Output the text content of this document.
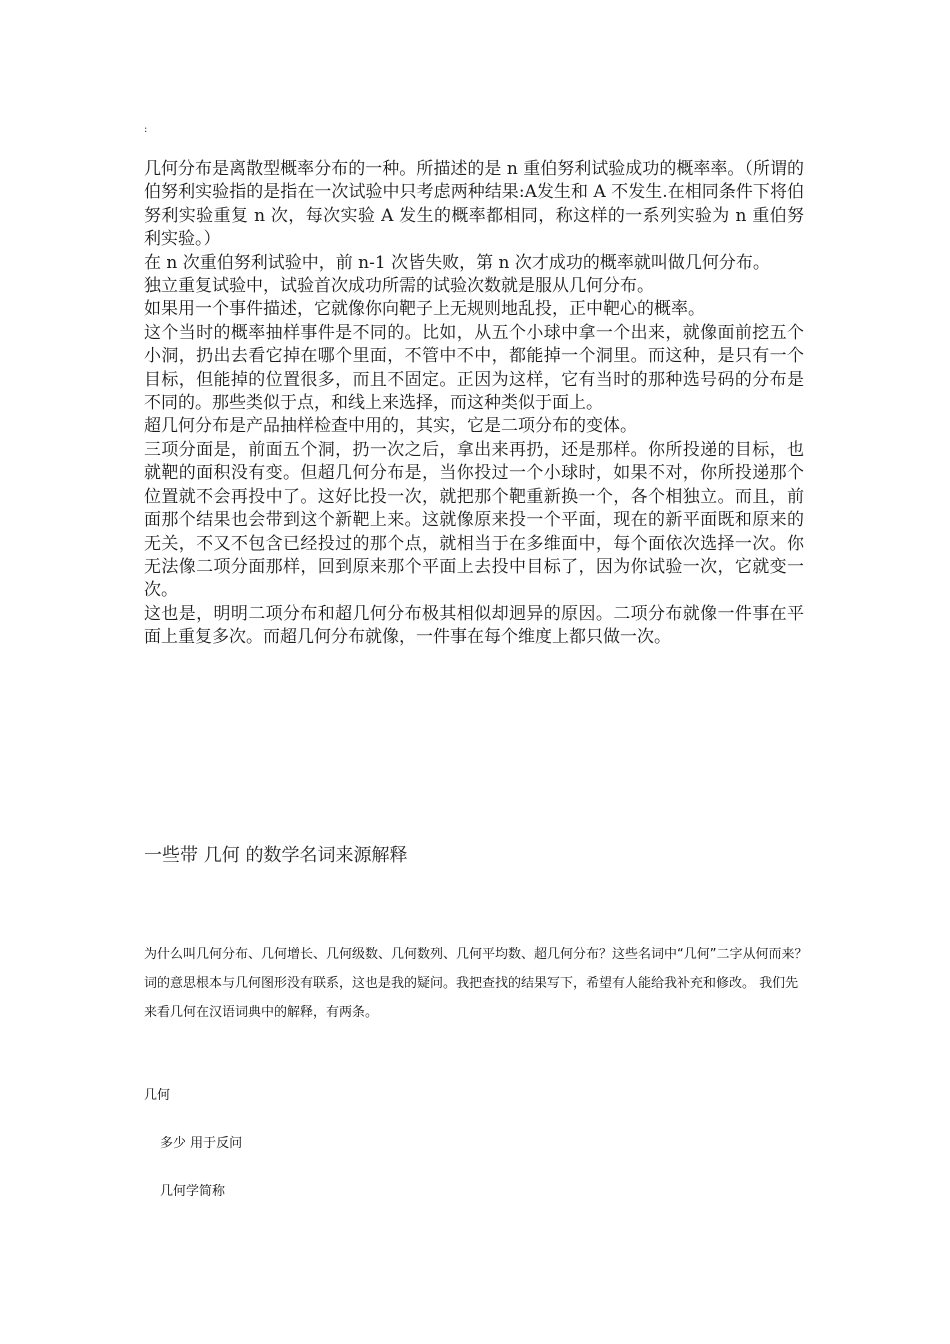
:

几何分布是离散型概率分布的一种。所描述的是 n 重伯努利试验成功的概率率。（所谓的伯努利实验指的是指在一次试验中只考虑两种结果:A发生和 A 不发生.在相同条件下将伯努利实验重复 n 次，每次实验 A 发生的概率都相同，称这样的一系列实验为 n 重伯努利实验。）

在 n 次重伯努利试验中，前 n-1 次皆失败，第 n 次才成功的概率就叫做几何分布。

独立重复试验中，试验首次成功所需的试验次数就是服从几何分布。

如果用一个事件描述，它就像你向靶子上无规则地乱投，正中靶心的概率。

这个当时的概率抽样事件是不同的。比如，从五个小球中拿一个出来，就像面前挖五个小洞，扔出去看它掉在哪个里面，不管中不中，都能掉一个洞里。而这种，是只有一个目标，但能掉的位置很多，而且不固定。正因为这样，它有当时的那种选号码的分布是不同的。那些类似于点，和线上来选择，而这种类似于面上。

超几何分布是产品抽样检查中用的，其实，它是二项分布的变体。

三项分面是，前面五个洞，扔一次之后，拿出来再扔，还是那样。你所投递的目标，也就靶的面积没有变。但超几何分布是，当你投过一个小球时，如果不对，你所投递那个位置就不会再投中了。这好比投一次，就把那个靶重新换一个，各个相独立。而且，前面那个结果也会带到这个新靶上来。这就像原来投一个平面，现在的新平面既和原来的无关，不又不包含已经投过的那个点，就相当于在多维面中，每个面依次选择一次。你无法像二项分面那样，回到原来那个平面上去投中目标了，因为你试验一次，它就变一次。

这也是，明明二项分布和超几何分布极其相似却迥异的原因。二项分布就像一件事在平面上重复多次。而超几何分布就像，一件事在每个维度上都只做一次。

一些带 几何 的数学名词来源解释

为什么叫几何分布、几何增长、几何级数、几何数列、几何平均数、超几何分布？这些名词中“几何”二字从何而来？词的意思根本与几何图形没有联系，这也是我的疑问。我把查找的结果写下，希望有人能给我补充和修改。 我们先来看几何在汉语词典中的解释，有两条。

几何
多少 用于反问
几何学简称
